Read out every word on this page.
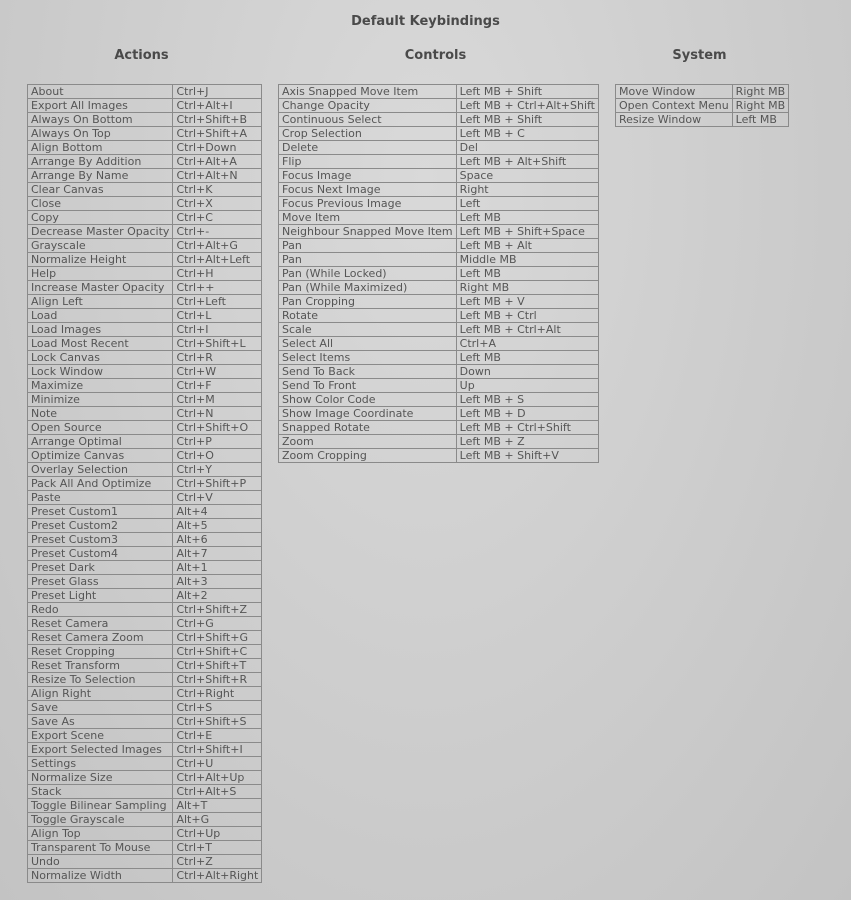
Default Keybindings
Actions	Controls	System
About	Ctrl+J
Export All Images	Ctrl+Alt+I
Always On Bottom	Ctrl+Shift+B
Always On Top	Ctrl+Shift+A
Align Bottom	Ctrl+Down
Arrange By Addition	Ctrl+Alt+A
Arrange By Name	Ctrl+Alt+N
Clear Canvas	Ctrl+K
Close	Ctrl+X
Copy	Ctrl+C
Decrease Master Opacity	Ctrl+-
Grayscale	Ctrl+Alt+G
Normalize Height	Ctrl+Alt+Left
Help	Ctrl+H
Increase Master Opacity	Ctrl++
Align Left	Ctrl+Left
Load	Ctrl+L
Load Images	Ctrl+I
Load Most Recent	Ctrl+Shift+L
Lock Canvas	Ctrl+R
Lock Window	Ctrl+W
Maximize	Ctrl+F
Minimize	Ctrl+M
Note	Ctrl+N
Open Source	Ctrl+Shift+O
Arrange Optimal	Ctrl+P
Optimize Canvas	Ctrl+O
Overlay Selection	Ctrl+Y
Pack All And Optimize	Ctrl+Shift+P
Paste	Ctrl+V
Preset Custom1	Alt+4
Preset Custom2	Alt+5
Preset Custom3	Alt+6
Preset Custom4	Alt+7
Preset Dark	Alt+1
Preset Glass	Alt+3
Preset Light	Alt+2
Redo	Ctrl+Shift+Z
Reset Camera	Ctrl+G
Reset Camera Zoom	Ctrl+Shift+G
Reset Cropping	Ctrl+Shift+C
Reset Transform	Ctrl+Shift+T
Resize To Selection	Ctrl+Shift+R
Align Right	Ctrl+Right
Save	Ctrl+S
Save As	Ctrl+Shift+S
Export Scene	Ctrl+E
Export Selected Images	Ctrl+Shift+I
Settings	Ctrl+U
Normalize Size	Ctrl+Alt+Up
Stack	Ctrl+Alt+S
Toggle Bilinear Sampling	Alt+T
Toggle Grayscale	Alt+G
Align Top	Ctrl+Up
Transparent To Mouse	Ctrl+T
Undo	Ctrl+Z
Normalize Width	Ctrl+Alt+Right
Axis Snapped Move Item	Left MB + Shift
Change Opacity	Left MB + Ctrl+Alt+Shift
Continuous Select	Left MB + Shift
Crop Selection	Left MB + C
Delete	Del
Flip	Left MB + Alt+Shift
Focus Image	Space
Focus Next Image	Right
Focus Previous Image	Left
Move Item	Left MB
Neighbour Snapped Move Item	Left MB + Shift+Space
Pan	Left MB + Alt
Pan	Middle MB
Pan (While Locked)	Left MB
Pan (While Maximized)	Right MB
Pan Cropping	Left MB + V
Rotate	Left MB + Ctrl
Scale	Left MB + Ctrl+Alt
Select All	Ctrl+A
Select Items	Left MB
Send To Back	Down
Send To Front	Up
Show Color Code	Left MB + S
Show Image Coordinate	Left MB + D
Snapped Rotate	Left MB + Ctrl+Shift
Zoom	Left MB + Z
Zoom Cropping	Left MB + Shift+V
Move Window	Right MB
Open Context Menu	Right MB
Resize Window	Left MB
